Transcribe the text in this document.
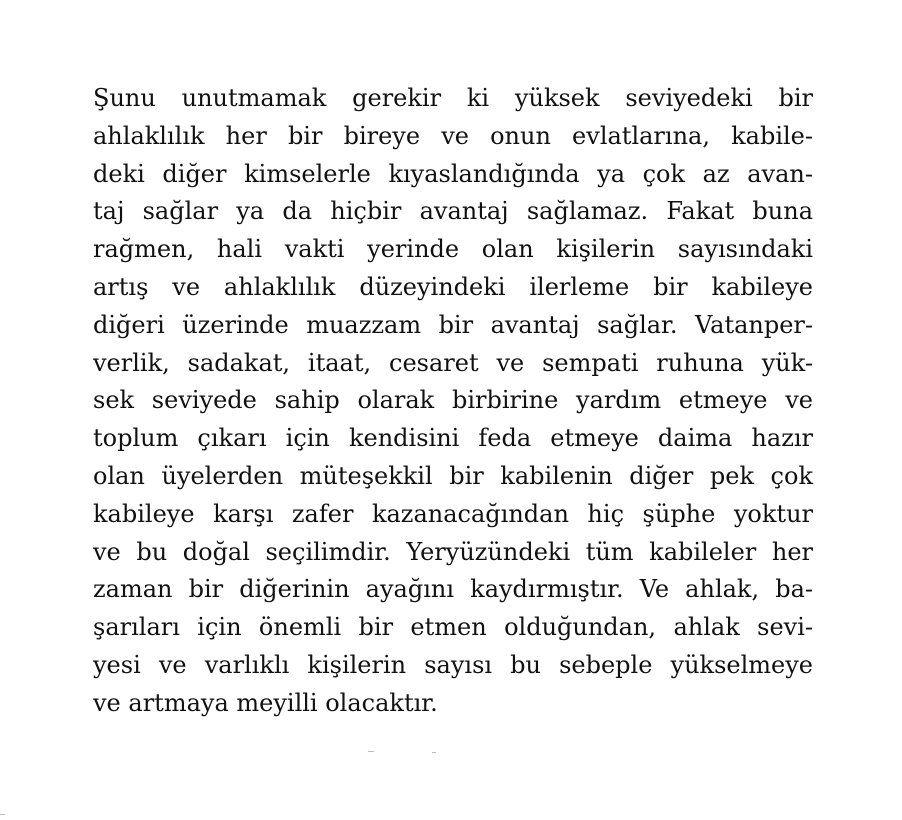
Şunu unutmamak gerekir ki yüksek seviyedeki bir
ahlaklılık her bir bireye ve onun evlatlarına, kabile-
deki diğer kimselerle kıyaslandığında ya çok az avan-
taj sağlar ya da hiçbir avantaj sağlamaz. Fakat buna
rağmen, hali vakti yerinde olan kişilerin sayısındaki
artış ve ahlaklılık düzeyindeki ilerleme bir kabileye
diğeri üzerinde muazzam bir avantaj sağlar. Vatanper-
verlik, sadakat, itaat, cesaret ve sempati ruhuna yük-
sek seviyede sahip olarak birbirine yardım etmeye ve
toplum çıkarı için kendisini feda etmeye daima hazır
olan üyelerden müteşekkil bir kabilenin diğer pek çok
kabileye karşı zafer kazanacağından hiç şüphe yoktur
ve bu doğal seçilimdir. Yeryüzündeki tüm kabileler her
zaman bir diğerinin ayağını kaydırmıştır. Ve ahlak, ba-
şarıları için önemli bir etmen olduğundan, ahlak sevi-
yesi ve varlıklı kişilerin sayısı bu sebeple yükselmeye
ve artmaya meyilli olacaktır.
